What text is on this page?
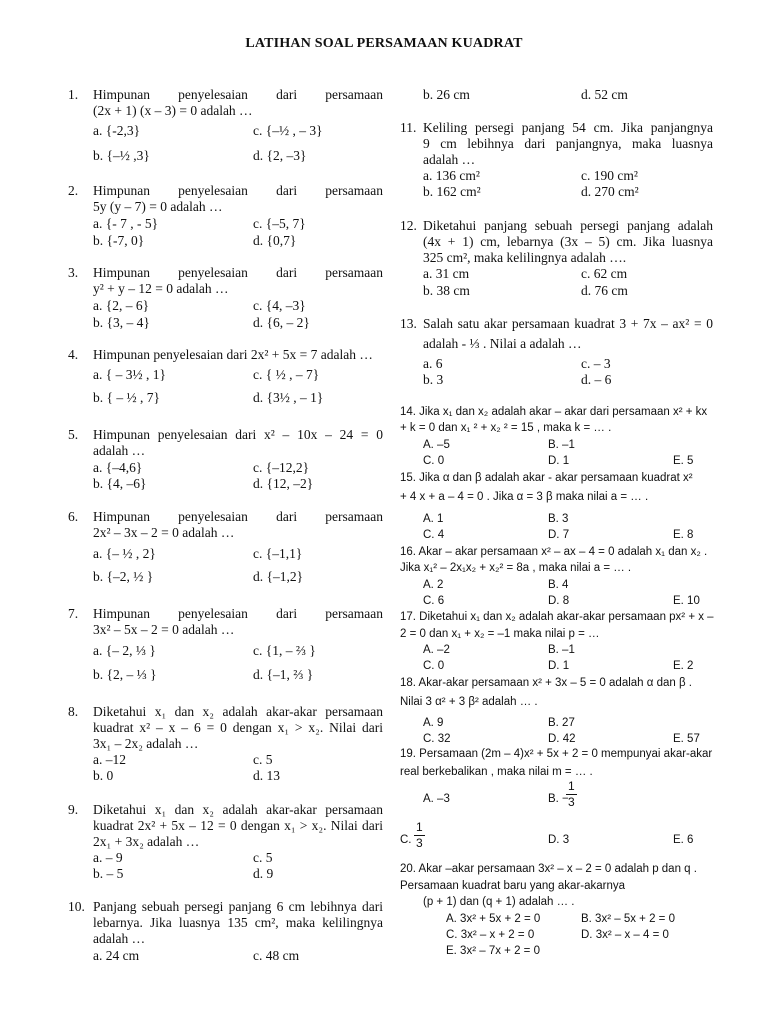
LATIHAN SOAL PERSAMAAN KUADRAT
1. Himpunan penyelesaian dari persamaan
(2x + 1) (x – 3) = 0 adalah …
a. {-2,3}	c. {–½ , – 3}
b. {–½ ,3}	d. {2, –3}
2. Himpunan penyelesaian dari persamaan
5y (y – 7) = 0 adalah …
a. {- 7 , - 5}	c. {–5, 7}
b. {-7, 0}	d. {0,7}
3. Himpunan penyelesaian dari persamaan
y² + y – 12 = 0 adalah …
a. {2, – 6}	c. {4, –3}
b. {3, – 4}	d. {6, – 2}
4. Himpunan penyelesaian dari 2x² + 5x = 7 adalah …
a. { – 3½ , 1}	c. { ½ , – 7}
b. { – ½ , 7}	d. {3½ , – 1}
5. Himpunan penyelesaian dari x² – 10x – 24 = 0
adalah …
a. {–4,6}	c. {–12,2}
b. {4, –6}	d. {12, –2}
6. Himpunan penyelesaian dari persamaan
2x² – 3x – 2 = 0 adalah …
a. {– ½ , 2}	c. {–1,1}
b. {–2, ½ }	d. {–1,2}
7. Himpunan penyelesaian dari persamaan
3x² – 5x – 2 = 0 adalah …
a. {– 2, ⅓ }	c. {1, – ⅔ }
b. {2, – ⅓ }	d. {–1, ⅔ }
8. Diketahui x₁ dan x₂ adalah akar-akar persamaan
kuadrat x² – x – 6 = 0 dengan x₁ > x₂. Nilai dari
3x₁ – 2x₂ adalah …
a. –12	c. 5
b. 0	d. 13
9. Diketahui x₁ dan x₂ adalah akar-akar persamaan
kuadrat 2x² + 5x – 12 = 0 dengan x₁ > x₂. Nilai dari
2x₁ + 3x₂ adalah …
a. – 9	c. 5
b. – 5	d. 9
10. Panjang sebuah persegi panjang 6 cm lebihnya dari
lebarnya. Jika luasnya 135 cm², maka kelilingnya
adalah …
a. 24 cm	c. 48 cm
b. 26 cm	d. 52 cm
11. Keliling persegi panjang 54 cm. Jika panjangnya
9 cm lebihnya dari panjangnya, maka luasnya
adalah …
a. 136 cm²	c. 190 cm²
b. 162 cm²	d. 270 cm²
12. Diketahui panjang sebuah persegi panjang adalah
(4x + 1) cm, lebarnya (3x – 5) cm. Jika luasnya
325 cm², maka kelilingnya adalah ….
a. 31 cm	c. 62 cm
b. 38 cm	d. 76 cm
13. Salah satu akar persamaan kuadrat 3 + 7x – ax² = 0
adalah - ⅓ . Nilai a adalah …
a. 6	c. – 3
b. 3	d. – 6
14. Jika x₁ dan x₂ adalah akar – akar dari persamaan x² + kx
+ k = 0 dan x₁ ² + x₂ ² = 15 , maka k = … .
A. –5	B. –1
C. 0	D. 1	E. 5
15. Jika α dan β adalah akar - akar persamaan kuadrat x²
+ 4 x + a – 4 = 0 . Jika α = 3 β maka nilai a = … .
A. 1	B. 3
C. 4	D. 7	E. 8
16. Akar – akar persamaan x² – ax – 4 = 0 adalah x₁ dan x₂ .
Jika x₁² – 2x₁x₂ + x₂² = 8a , maka nilai a = … .
A. 2	B. 4
C. 6	D. 8	E. 10
17. Diketahui x₁ dan x₂ adalah akar-akar persamaan px² + x –
2 = 0 dan x₁ + x₂ = –1 maka nilai p = …
A. –2	B. –1
C. 0	D. 1	E. 2
18. Akar-akar persamaan x² + 3x – 5 = 0 adalah α dan β .
Nilai 3 α² + 3 β² adalah … .
A. 9	B. 27
C. 32	D. 42	E. 57
19. Persamaan (2m – 4)x² + 5x + 2 = 0 mempunyai akar-akar
real berkebalikan , maka nilai m = … .
A. –3	B. −
$\frac{1}{3}$
C. $\frac{1}{3}$	D. 3	E. 6
20. Akar –akar persamaan 3x² – x – 2 = 0 adalah p dan q .
Persamaan kuadrat baru yang akar-akarnya
(p + 1) dan (q + 1) adalah … .
A. 3x² + 5x + 2 = 0	B. 3x² – 5x + 2 = 0
C. 3x² – x + 2 = 0	D. 3x² – x – 4 = 0
E. 3x² – 7x + 2 = 0
